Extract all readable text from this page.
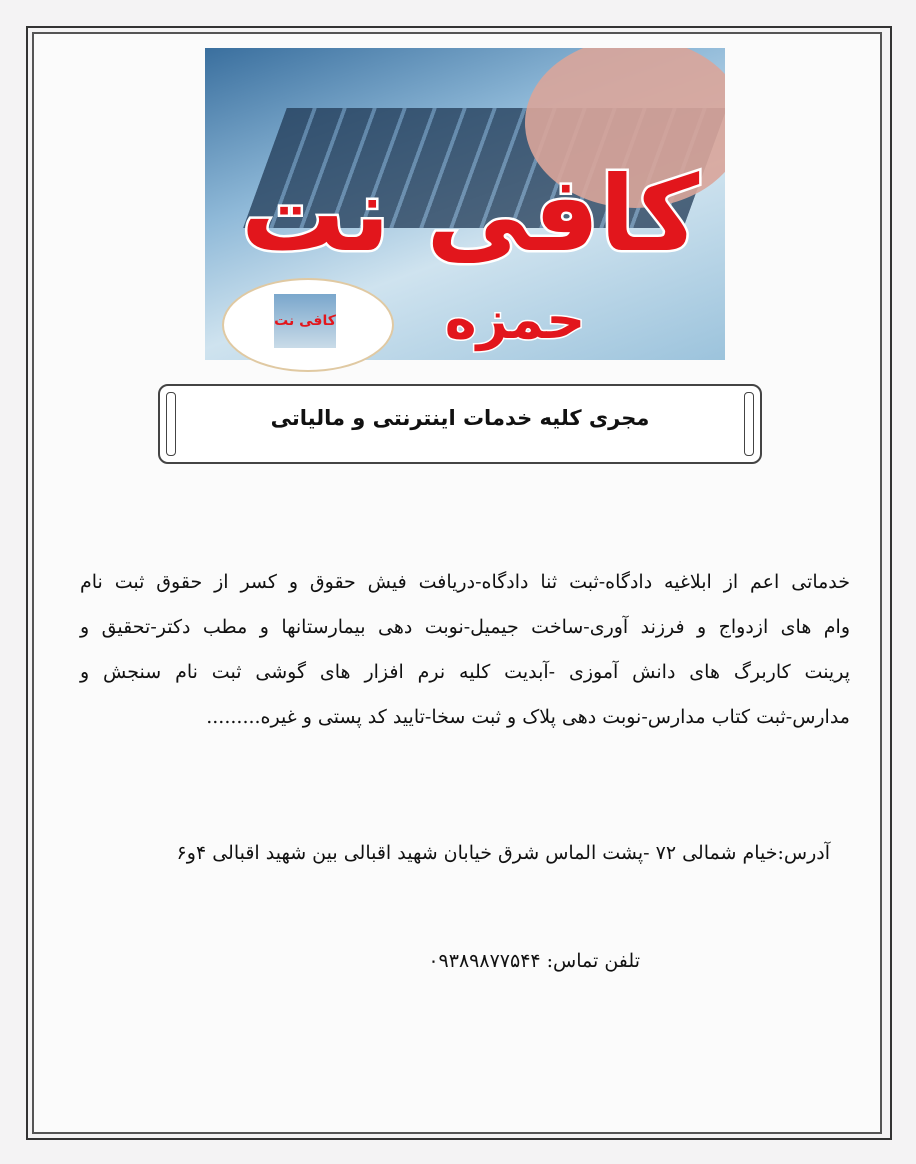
کافی نت
حمزه
کافی نت
مجری کلیه خدمات اینترنتی و مالیاتی

خدماتی اعم از ابلاغیه دادگاه-ثبت ثنا دادگاه-دریافت فیش حقوق و کسر از حقوق ثبت نام

وام های ازدواج و فرزند آوری-ساخت جیمیل-نوبت دهی بیمارستانها و مطب دکتر-تحقیق و

پرینت کاربرگ های دانش آموزی -آبدیت کلیه نرم افزار های گوشی ثبت نام سنجش و

مدارس-ثبت کتاب مدارس-نوبت دهی پلاک و ثبت سخا-تایید کد پستی و غیره.........

آدرس:خیام شمالی ۷۲ -پشت الماس شرق خیابان شهید اقبالی بین شهید اقبالی ۴و۶
تلفن تماس: ۰۹۳۸۹۸۷۷۵۴۴
